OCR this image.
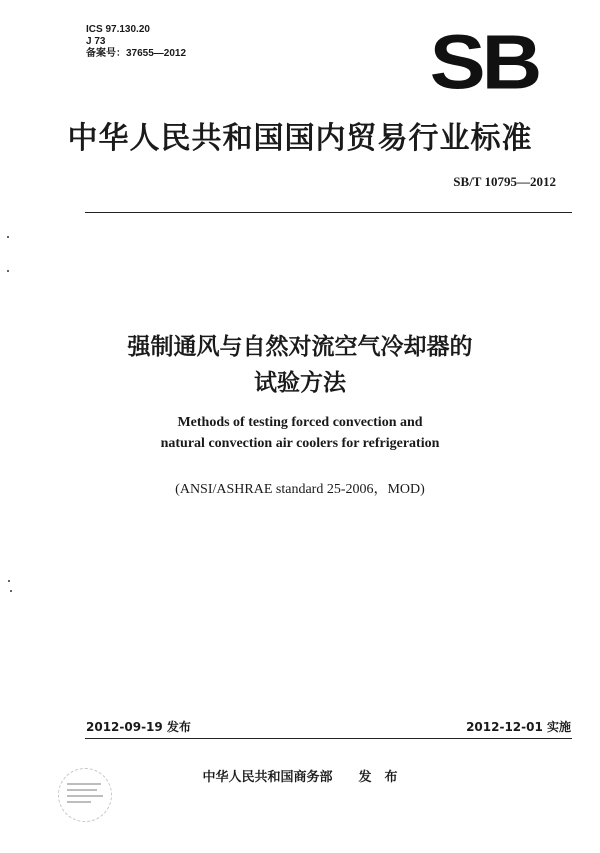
ICS 97.130.20
J 73
备案号：37655—2012	SB
中华人民共和国国内贸易行业标准
SB/T 10795—2012
强制通风与自然对流空气冷却器的
试验方法
Methods of testing forced convection and
natural convection air coolers for refrigeration
(ANSI/ASHRAE standard 25-2006，MOD)
2012-09-19 发布	2012-12-01 实施
中华人民共和国商务部　　发　布
